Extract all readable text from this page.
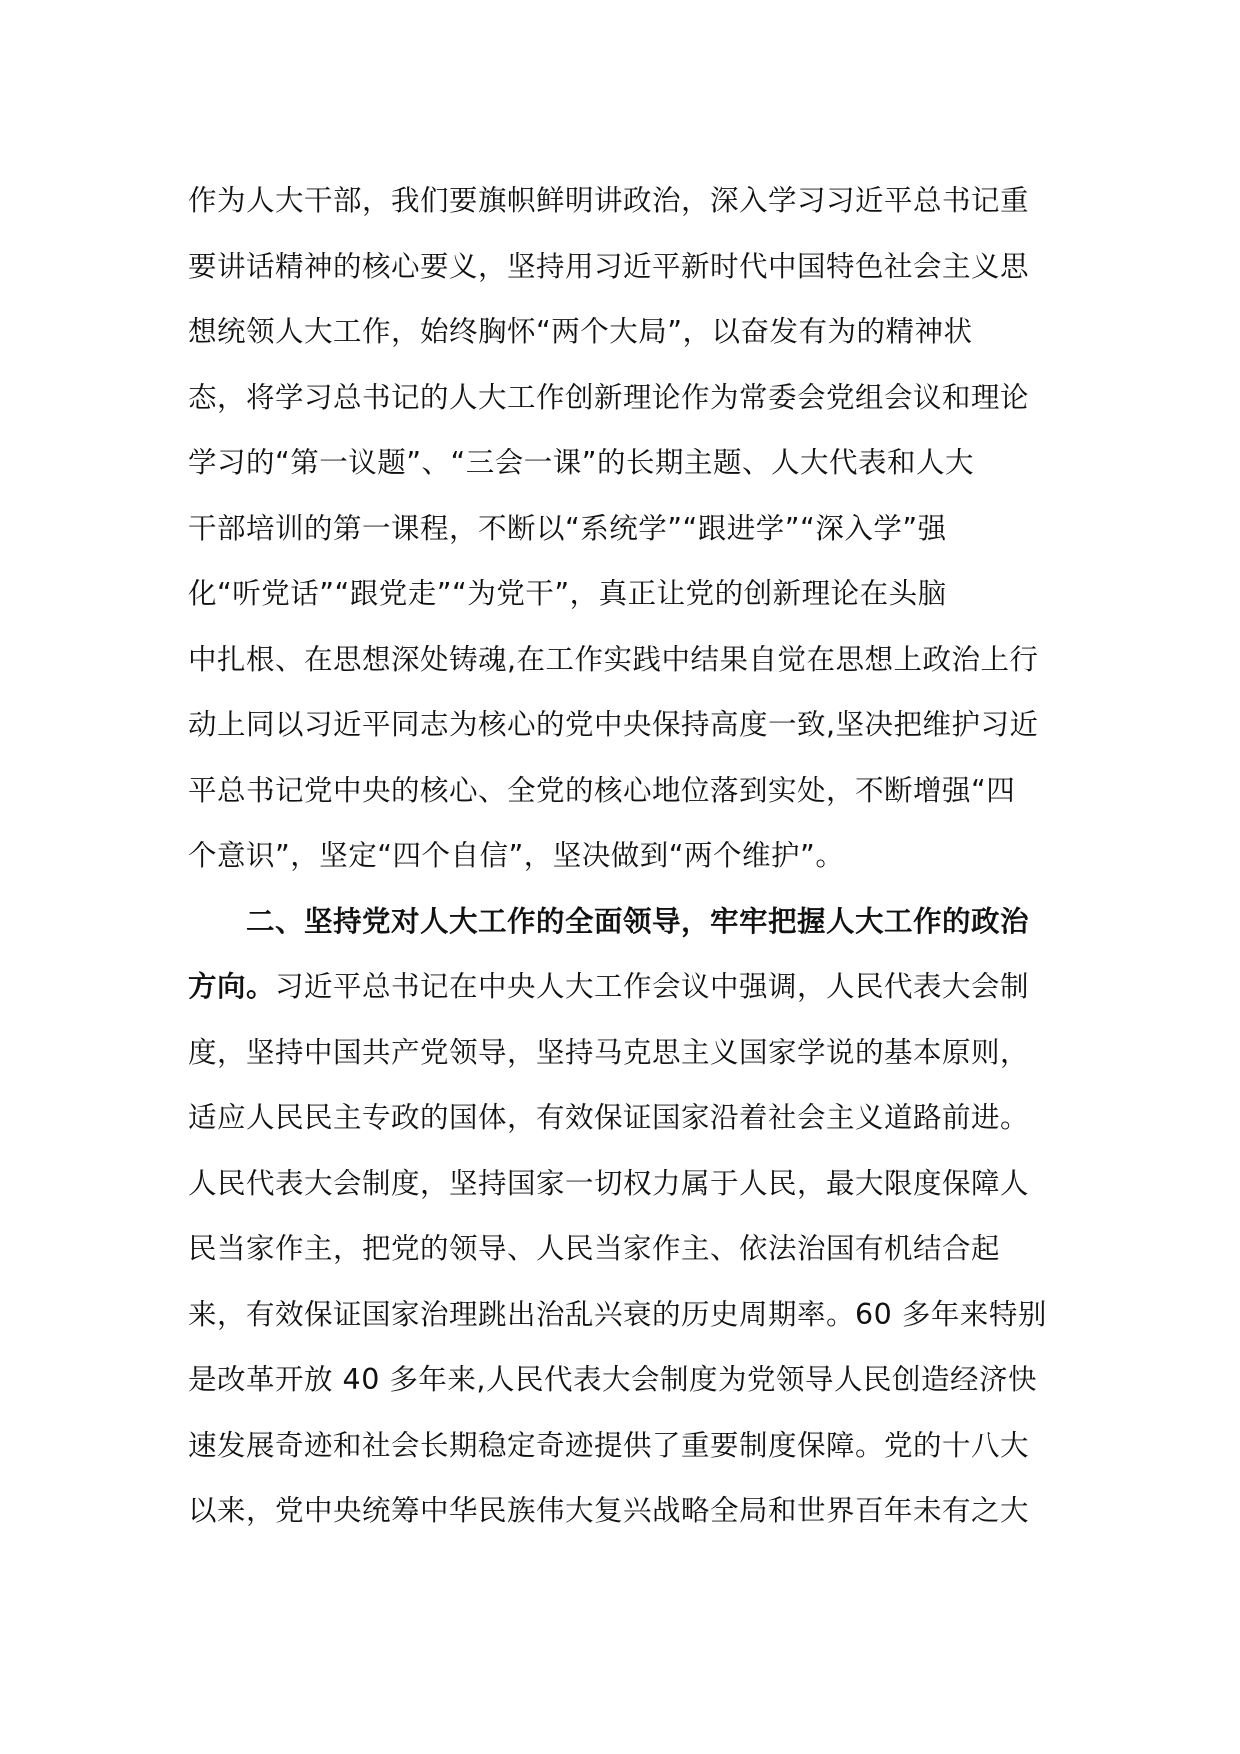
作为人大干部，我们要旗帜鲜明讲政治，深入学习习近平总书记重
要讲话精神的核心要义，坚持用习近平新时代中国特色社会主义思
想统领人大工作，始终胸怀“两个大局”，以奋发有为的精神状
态，将学习总书记的人大工作创新理论作为常委会党组会议和理论
学习的“第一议题”、“三会一课”的长期主题、人大代表和人大
干部培训的第一课程，不断以“系统学”“跟进学”“深入学”强
化“听党话”“跟党走”“为党干”，真正让党的创新理论在头脑
中扎根、在思想深处铸魂,在工作实践中结果自觉在思想上政治上行
动上同以习近平同志为核心的党中央保持高度一致,坚决把维护习近
平总书记党中央的核心、全党的核心地位落到实处，不断增强“四
个意识”，坚定“四个自信”，坚决做到“两个维护”。
二、坚持党对人大工作的全面领导，牢牢把握人大工作的政治
方向。习近平总书记在中央人大工作会议中强调，人民代表大会制
度，坚持中国共产党领导，坚持马克思主义国家学说的基本原则，
适应人民民主专政的国体，有效保证国家沿着社会主义道路前进。
人民代表大会制度，坚持国家一切权力属于人民，最大限度保障人
民当家作主，把党的领导、人民当家作主、依法治国有机结合起
来，有效保证国家治理跳出治乱兴衰的历史周期率。60 多年来特别
是改革开放 40 多年来,人民代表大会制度为党领导人民创造经济快
速发展奇迹和社会长期稳定奇迹提供了重要制度保障。党的十八大
以来，党中央统筹中华民族伟大复兴战略全局和世界百年未有之大
